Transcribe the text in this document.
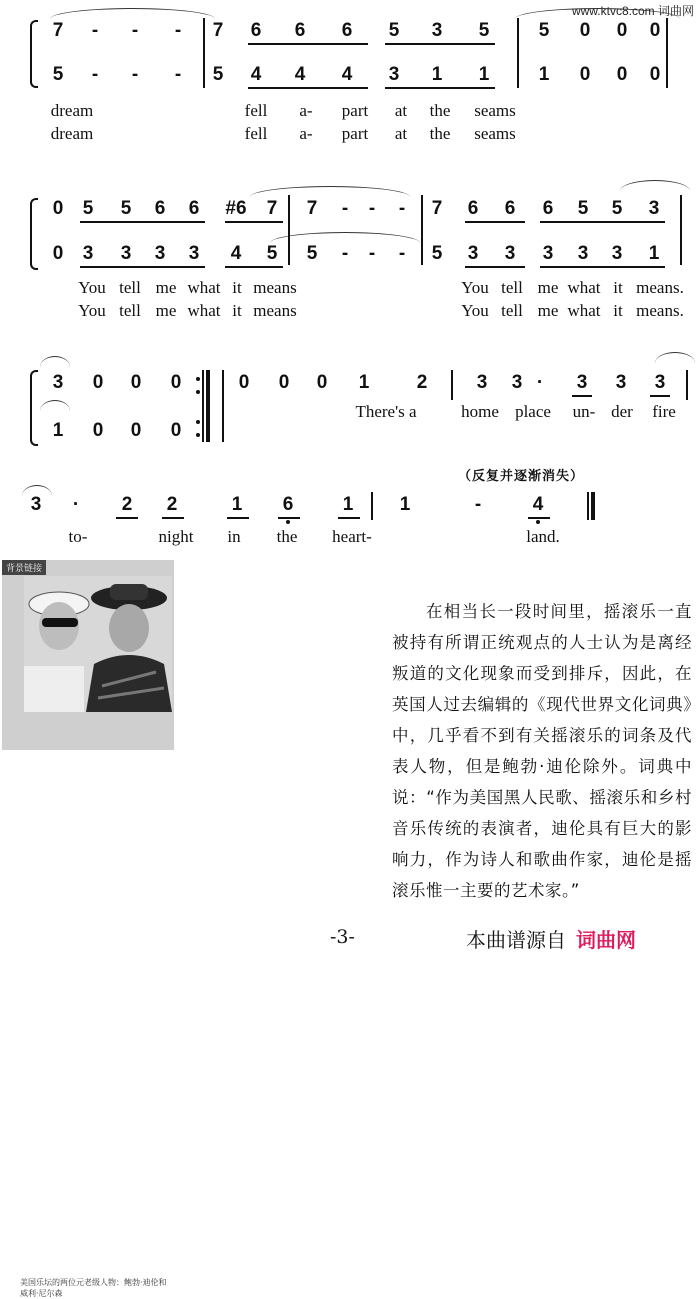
www.ktvc8.com 词曲网
7 - - - 7 6 6 6 5 3 5	5 0 0 0
5 - - - 5 4 4 4 3 1 1	1 0 0 0
dream	fell a- part at the seams
dream	fell a- part at the seams
0 5 5 6 6 #6 7 7 - - - 7 6 6 6 5 5 3
0 3 3 3 3 4 5 5 - - - 5 3 3 3 3 3 1
You tell me what it means	You tell me what it means.
You tell me what it means	You tell me what it means.
3 0 0 0	0 0 0 1 2	3 3 · 3 3 3
1 0 0 0
There's a	home place un- der fire
（反复并逐渐消失）
3 · 2 2	1 6	1 1	-	4
to-	night in the heart-	land.
背景链接
美国乐坛的两位元老级人物：鲍勃·迪伦和威利·尼尔森

在相当长一段时间里，摇滚乐一直被持有所谓正统观点的人士认为是离经叛道的文化现象而受到排斥，因此，在英国人过去编辑的《现代世界文化词典》中，几乎看不到有关摇滚乐的词条及代表人物，但是鲍勃·迪伦除外。词典中说：“作为美国黑人民歌、摇滚乐和乡村音乐传统的表演者，迪伦具有巨大的影响力，作为诗人和歌曲作家，迪伦是摇滚乐惟一主要的艺术家。”

-3-	本曲谱源自 词曲网
